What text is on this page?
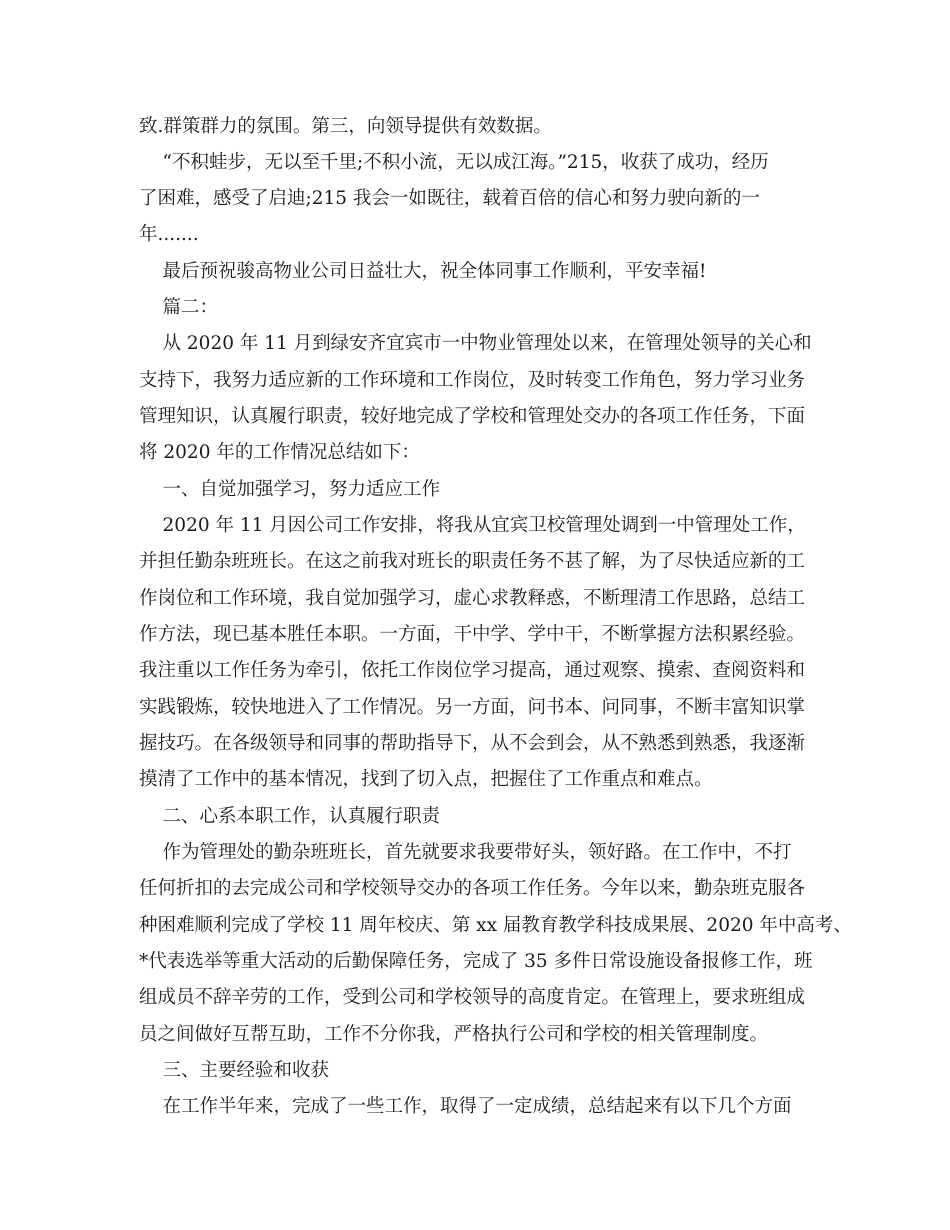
致.群策群力的氛围。第三，向领导提供有效数据。
“不积蛙步，无以至千里;不积小流，无以成江海。”215，收获了成功，经历
了困难，感受了启迪;215 我会一如既往，载着百倍的信心和努力驶向新的一
年.......
最后预祝骏高物业公司日益壮大，祝全体同事工作顺利，平安幸福!
篇二：
从 2020 年 11 月到绿安齐宜宾市一中物业管理处以来，在管理处领导的关心和
支持下，我努力适应新的工作环境和工作岗位，及时转变工作角色，努力学习业务
管理知识，认真履行职责，较好地完成了学校和管理处交办的各项工作任务，下面
将 2020 年的工作情况总结如下：
一、自觉加强学习，努力适应工作
2020 年 11 月因公司工作安排，将我从宜宾卫校管理处调到一中管理处工作，
并担任勤杂班班长。在这之前我对班长的职责任务不甚了解，为了尽快适应新的工
作岗位和工作环境，我自觉加强学习，虚心求教释惑，不断理清工作思路，总结工
作方法，现已基本胜任本职。一方面，干中学、学中干，不断掌握方法积累经验。
我注重以工作任务为牵引，依托工作岗位学习提高，通过观察、摸索、查阅资料和
实践锻炼，较快地进入了工作情况。另一方面，问书本、问同事，不断丰富知识掌
握技巧。在各级领导和同事的帮助指导下，从不会到会，从不熟悉到熟悉，我逐渐
摸清了工作中的基本情况，找到了切入点，把握住了工作重点和难点。
二、心系本职工作，认真履行职责
作为管理处的勤杂班班长，首先就要求我要带好头，领好路。在工作中，不打
任何折扣的去完成公司和学校领导交办的各项工作任务。今年以来，勤杂班克服各
种困难顺利完成了学校 11 周年校庆、第 xx 届教育教学科技成果展、2020 年中高考、
*代表选举等重大活动的后勤保障任务，完成了 35 多件日常设施设备报修工作，班
组成员不辞辛劳的工作，受到公司和学校领导的高度肯定。在管理上，要求班组成
员之间做好互帮互助，工作不分你我，严格执行公司和学校的相关管理制度。
三、主要经验和收获
在工作半年来，完成了一些工作，取得了一定成绩，总结起来有以下几个方面
